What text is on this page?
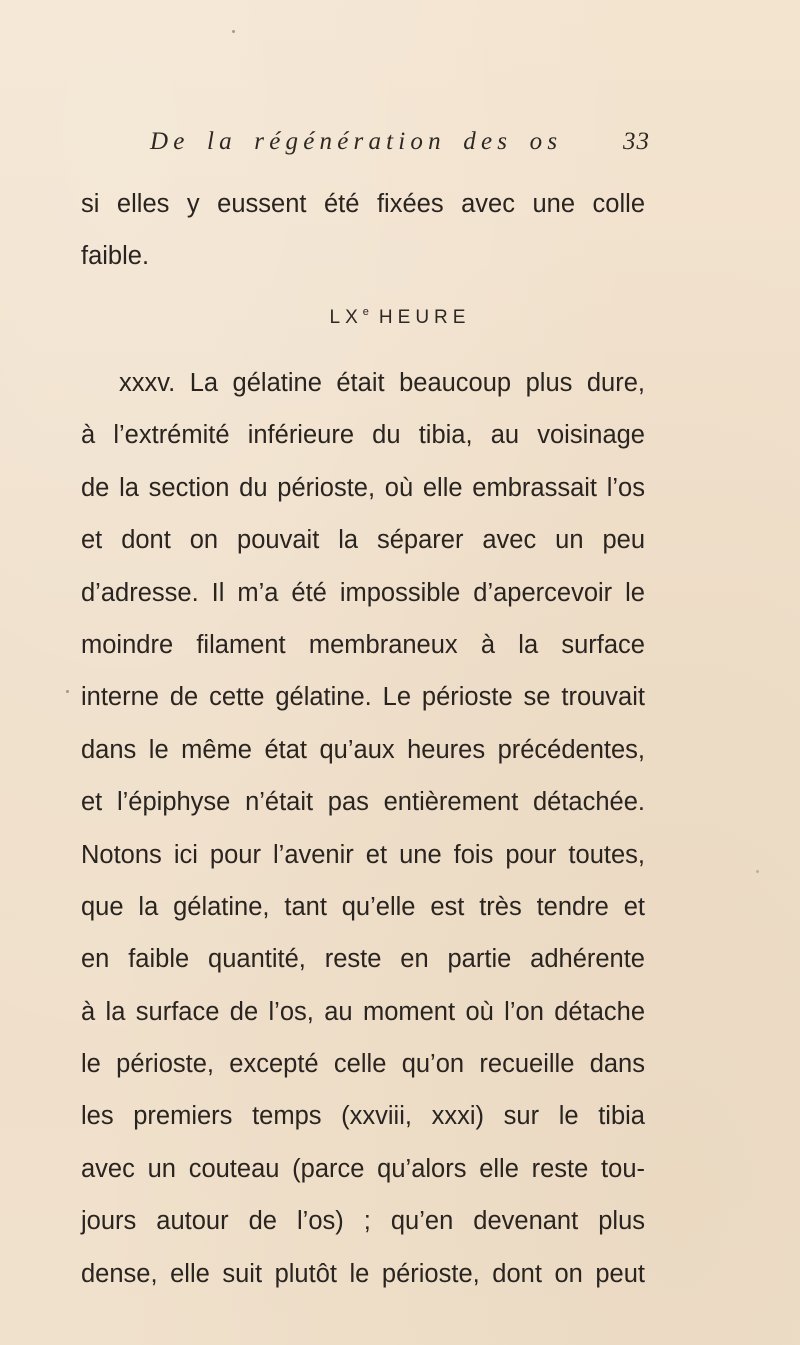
De la régénération des os 33
si elles y eussent été fixées avec une colle
faible.
LXe HEURE
xxxv. La gélatine était beaucoup plus dure,
à l’extrémité inférieure du tibia, au voisinage
de la section du périoste, où elle embrassait l’os
et dont on pouvait la séparer avec un peu
d’adresse. Il m’a été impossible d’apercevoir le
moindre filament membraneux à la surface
interne de cette gélatine. Le périoste se trouvait
dans le même état qu’aux heures précédentes,
et l’épiphyse n’était pas entièrement détachée.
Notons ici pour l’avenir et une fois pour toutes,
que la gélatine, tant qu’elle est très tendre et
en faible quantité, reste en partie adhérente
à la surface de l’os, au moment où l’on détache
le périoste, excepté celle qu’on recueille dans
les premiers temps (xxviii, xxxi) sur le tibia
avec un couteau (parce qu’alors elle reste tou-
jours autour de l’os) ; qu’en devenant plus
dense, elle suit plutôt le périoste, dont on peut
